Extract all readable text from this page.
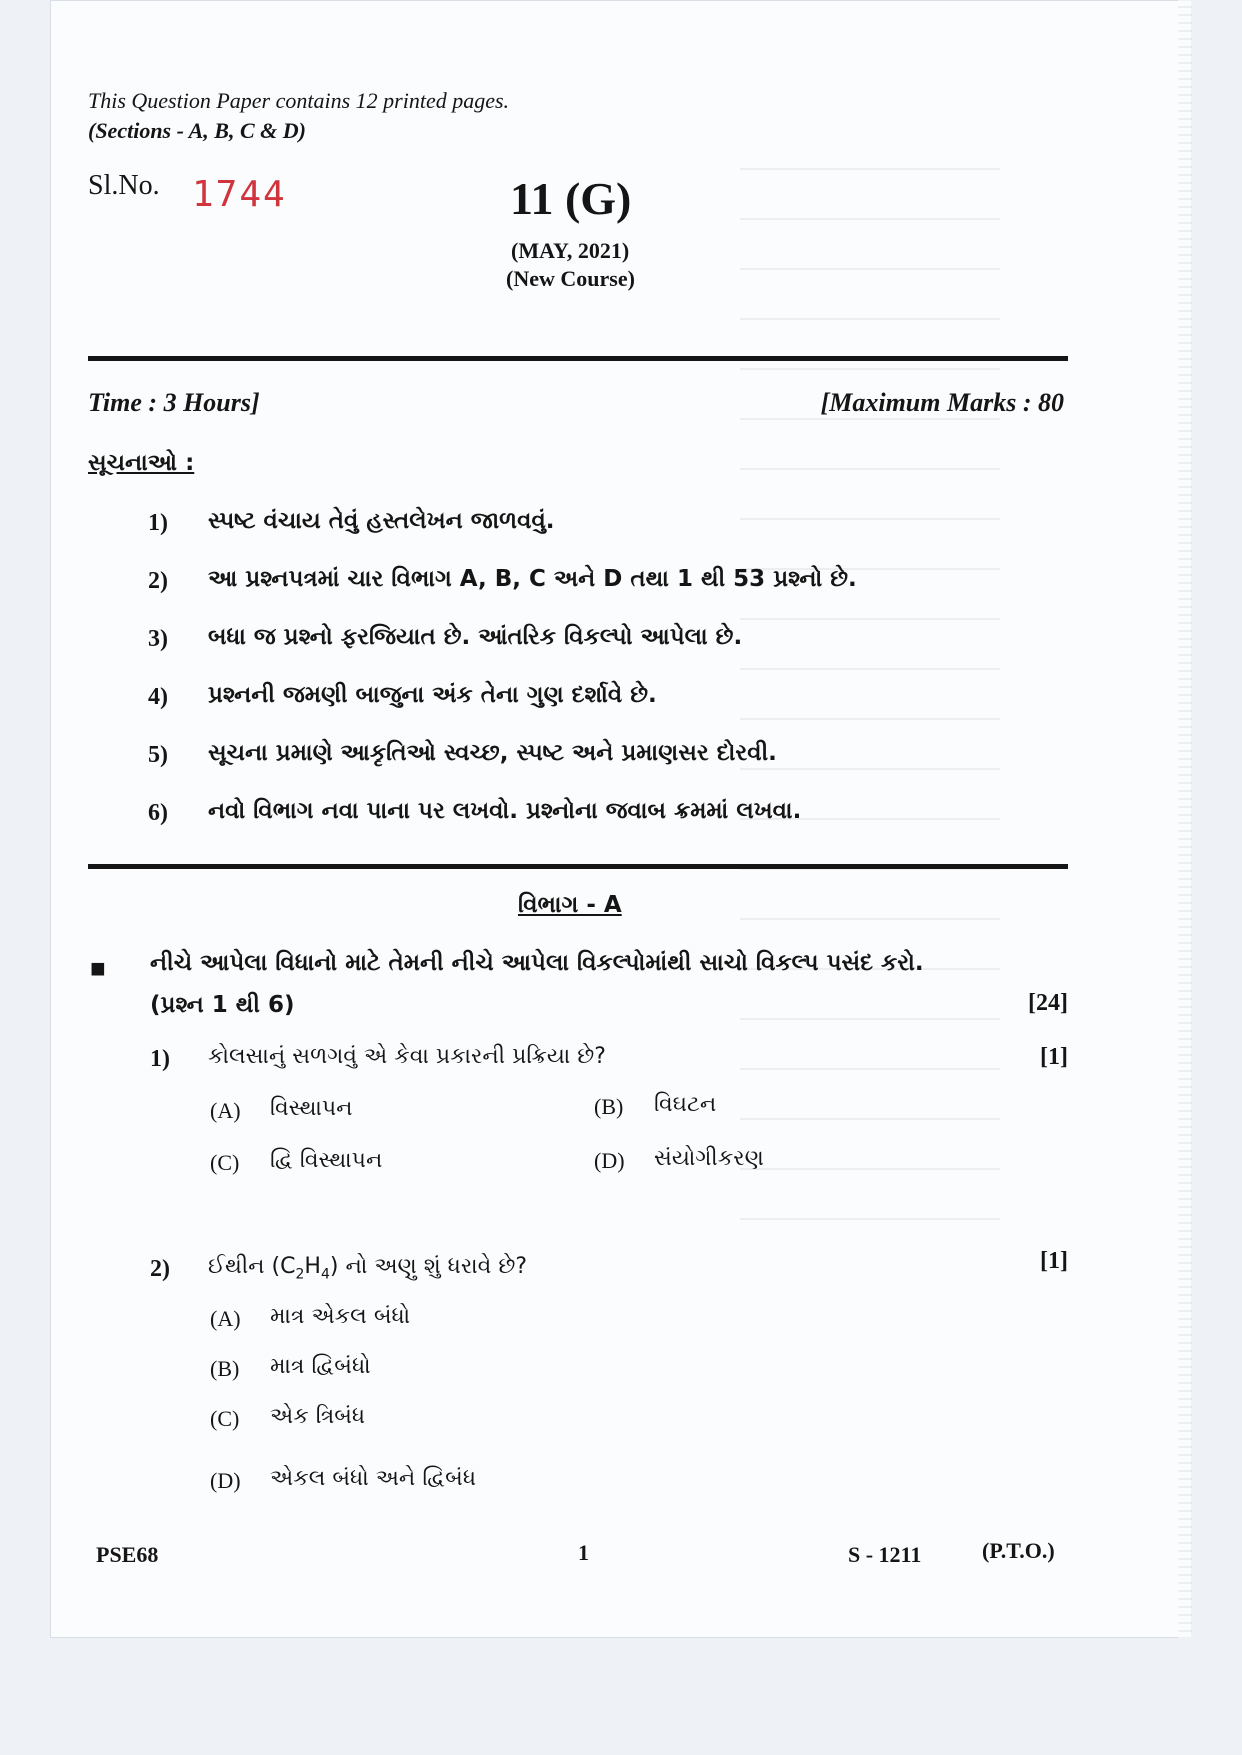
This Question Paper contains 12 printed pages.
(Sections - A, B, C & D)
Sl.No. 1744	11 (G)
(MAY, 2021)
(New Course)
Time : 3 Hours]	[Maximum Marks : 80
સૂચનાઓ :
1) સ્પષ્ટ વંચાય તેવું હસ્તલેખન જાળવવું.
2) આ પ્રશ્નપત્રમાં ચાર વિભાગ A, B, C અને D તથા 1 થી 53 પ્રશ્નો છે.
3) બધા જ પ્રશ્નો ફરજિયાત છે. આંતરિક વિકલ્પો આપેલા છે.
4) પ્રશ્નની જમણી બાજુના અંક તેના ગુણ દર્શાવે છે.
5) સૂચના પ્રમાણે આકૃતિઓ સ્વચ્છ, સ્પષ્ટ અને પ્રમાણસર દોરવી.
6) નવો વિભાગ નવા પાના પર લખવો. પ્રશ્નોના જવાબ ક્રમમાં લખવા.
વિભાગ - A
■ નીચે આપેલા વિધાનો માટે તેમની નીચે આપેલા વિકલ્પોમાંથી સાચો વિકલ્પ પસંદ કરો.
(પ્રશ્ન 1 થી 6)	[24]
1) કોલસાનું સળગવું એ કેવા પ્રકારની પ્રક્રિયા છે?	[1]
(A) વિસ્થાપન	(B) વિઘટન
(C) દ્વિ વિસ્થાપન	(D) સંયોગીકરણ
2) ઈથીન $(C_2H_4)$ નો અણુ શું ધરાવે છે?	[1]
(A) માત્ર એકલ બંધો
(B) માત્ર દ્વિબંધો
(C) એક ત્રિબંધ
(D) એકલ બંધો અને દ્વિબંધ
PSE68	1	S - 1211	(P.T.O.)
